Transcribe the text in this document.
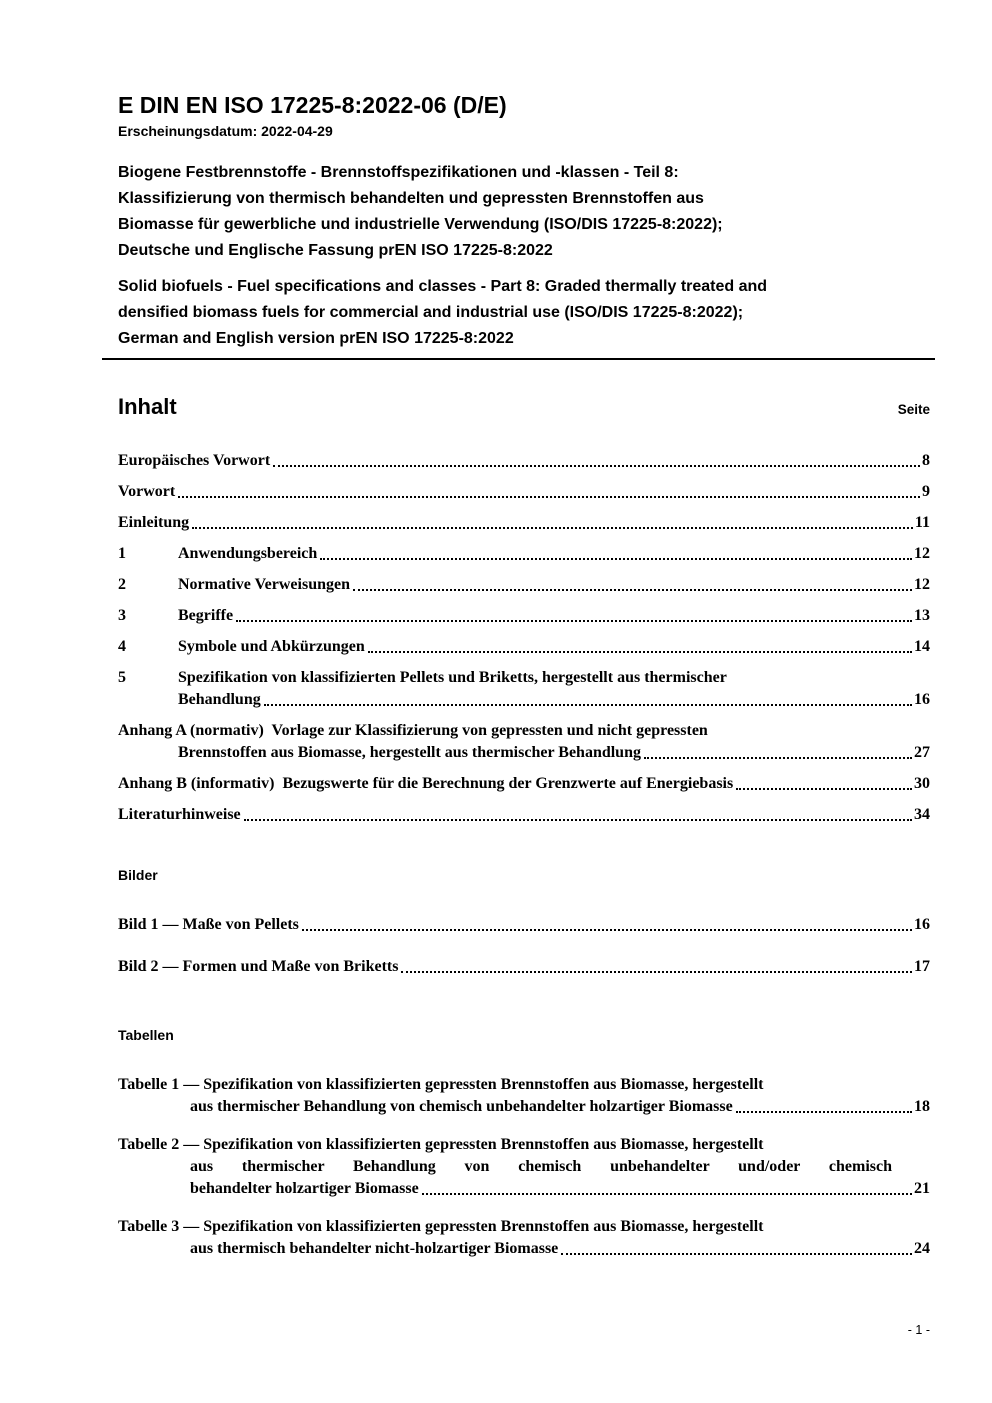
E DIN EN ISO 17225-8:2022-06 (D/E)
Erscheinungsdatum: 2022-04-29
Biogene Festbrennstoffe - Brennstoffspezifikationen und -klassen - Teil 8:
Klassifizierung von thermisch behandelten und gepressten Brennstoffen aus
Biomasse für gewerbliche und industrielle Verwendung (ISO/DIS 17225-8:2022);
Deutsche und Englische Fassung prEN ISO 17225-8:2022
Solid biofuels - Fuel specifications and classes - Part 8: Graded thermally treated and
densified biomass fuels for commercial and industrial use (ISO/DIS 17225-8:2022);
German and English version prEN ISO 17225-8:2022
Inhalt	Seite
Europäisches Vorwort	8
Vorwort	9
Einleitung	11
1	Anwendungsbereich	12
2	Normative Verweisungen	12
3	Begriffe	13
4	Symbole und Abkürzungen	14
5	Spezifikation von klassifizierten Pellets und Briketts, hergestellt aus thermischer
Behandlung	16
Anhang A (normativ)  Vorlage zur Klassifizierung von gepressten und nicht gepressten
Brennstoffen aus Biomasse, hergestellt aus thermischer Behandlung	27
Anhang B (informativ)  Bezugswerte für die Berechnung der Grenzwerte auf Energiebasis	30
Literaturhinweise	34
Bilder
Bild 1 — Maße von Pellets	16
Bild 2 — Formen und Maße von Briketts	17
Tabellen
Tabelle 1 — Spezifikation von klassifizierten gepressten Brennstoffen aus Biomasse, hergestellt
aus thermischer Behandlung von chemisch unbehandelter holzartiger Biomasse	18
Tabelle 2 — Spezifikation von klassifizierten gepressten Brennstoffen aus Biomasse, hergestellt
aus thermischer Behandlung von chemisch unbehandelter und/oder chemisch
behandelter holzartiger Biomasse	21
Tabelle 3 — Spezifikation von klassifizierten gepressten Brennstoffen aus Biomasse, hergestellt
aus thermisch behandelter nicht-holzartiger Biomasse	24
- 1 -
